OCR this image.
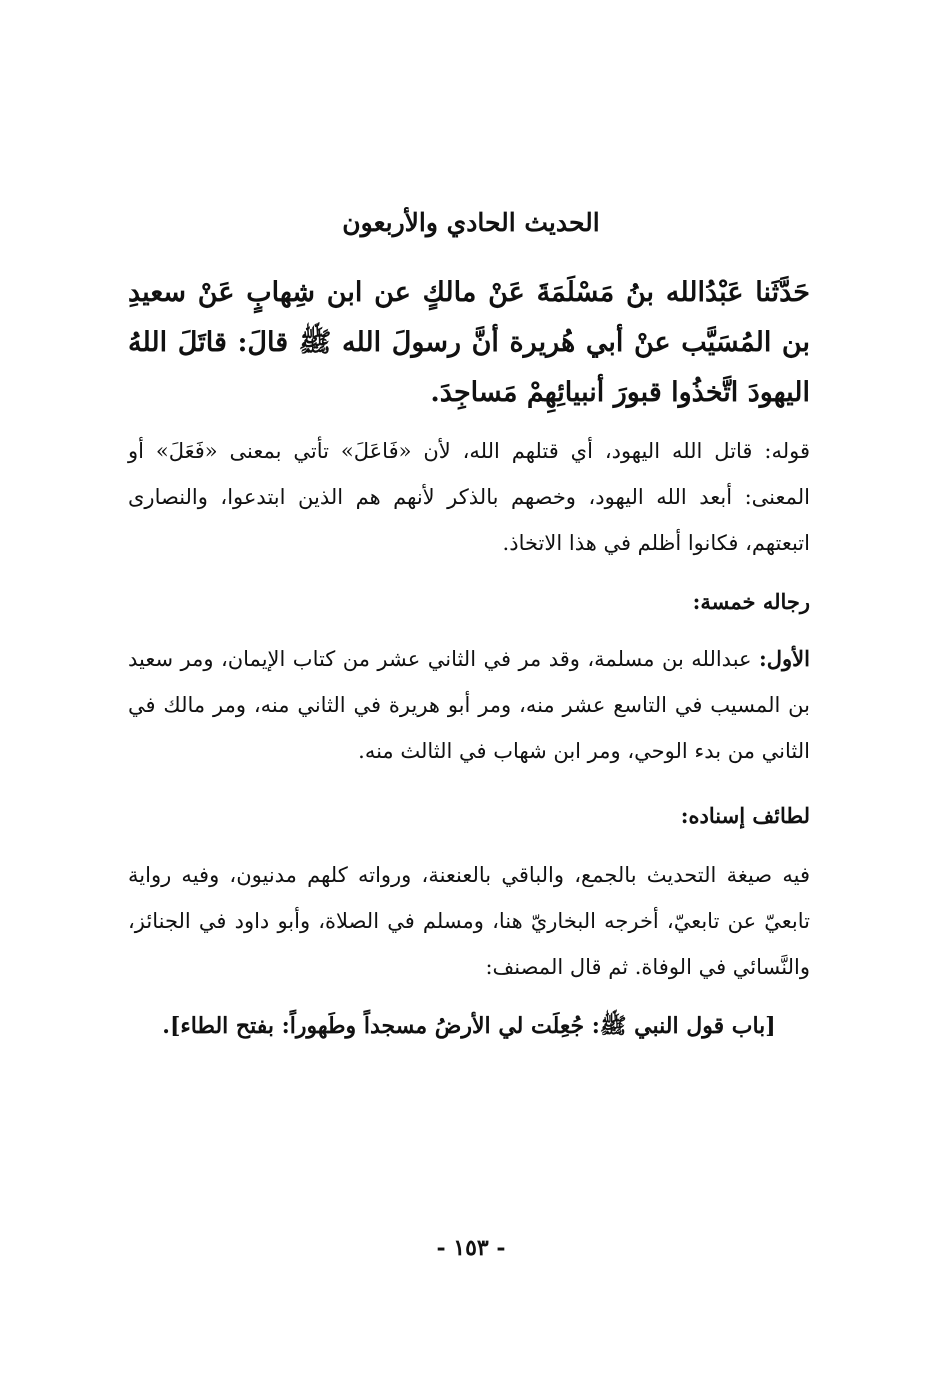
الحديث الحادي والأربعون
حَدَّثَنا عَبْدُالله بنُ مَسْلَمَةَ عَنْ مالكٍ عن ابن شِهابٍ عَنْ سعيدِ بن المُسَيَّب عنْ أبي هُريرة أنَّ رسولَ الله ﷺ قالَ: قاتَلَ اللهُ اليهودَ اتَّخذُوا قبورَ أنبيائِهِمْ مَساجِدَ.
قوله: قاتل الله اليهود، أي قتلهم الله، لأن «فَاعَلَ» تأتي بمعنى «فَعَلَ» أو المعنى: أبعد الله اليهود، وخصهم بالذكر لأنهم هم الذين ابتدعوا، والنصارى اتبعتهم، فكانوا أظلم في هذا الاتخاذ.
رجاله خمسة:
الأول: عبدالله بن مسلمة، وقد مر في الثاني عشر من كتاب الإيمان، ومر سعيد بن المسيب في التاسع عشر منه، ومر أبو هريرة في الثاني منه، ومر مالك في الثاني من بدء الوحي، ومر ابن شهاب في الثالث منه.
لطائف إسناده:
فيه صيغة التحديث بالجمع، والباقي بالعنعنة، ورواته كلهم مدنيون، وفيه رواية تابعيّ عن تابعيّ، أخرجه البخاريّ هنا، ومسلم في الصلاة، وأبو داود في الجنائز، والنَّسائي في الوفاة. ثم قال المصنف:
[باب قول النبي ﷺ: جُعِلَت لي الأرضُ مسجداً وطَهوراً: بفتح الطاء].
- ١٥٣ -
